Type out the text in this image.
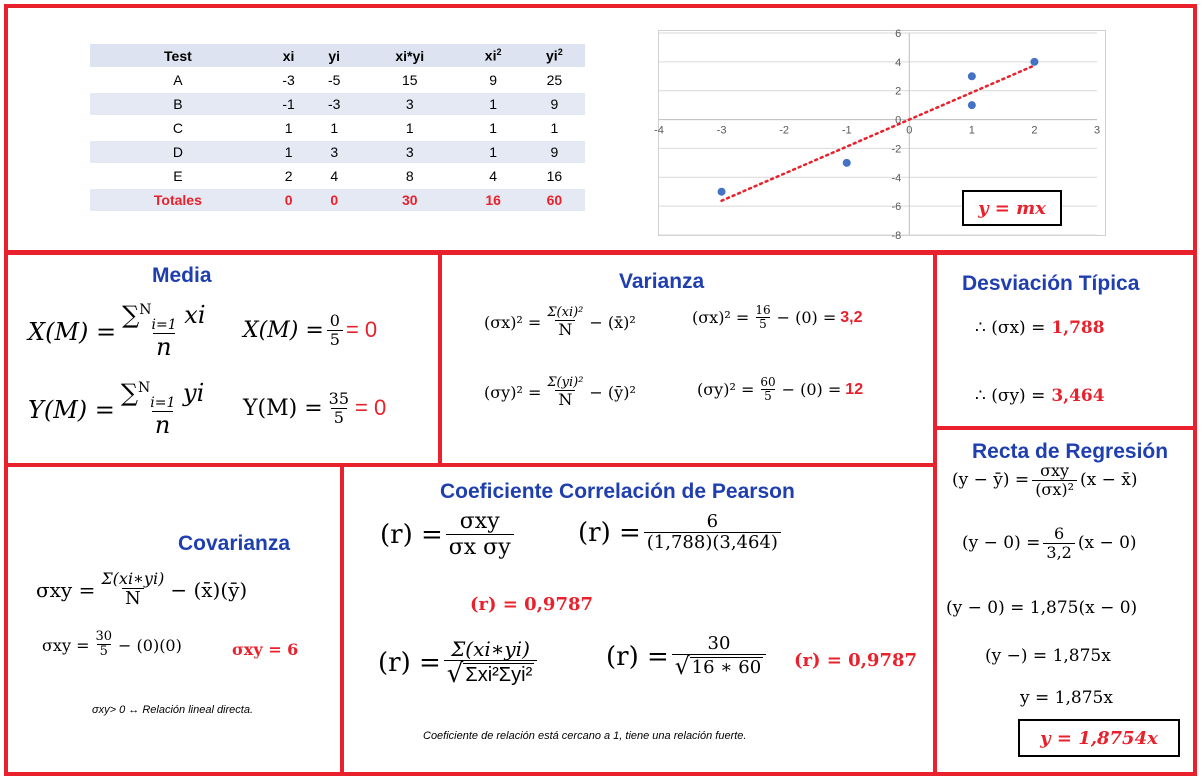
Test	xi	yi	xi*yi	$xi^2$	$yi^2$
A	-3	-5	15	9	25
B	-1	-3	3	1	9
C	1	1	1	1	1
D	1	3	3	1	9
E	2	4	8	4	16
Totales	0	0	30	16	60
-4	-3	-2	-1	0	1	2	3
-8
-6
-4
-2
0
2
4
6
y = mx
Media
$X(M) = \frac{\sum^N_{i=1} xi}{n} X(M) = \frac{0}{5} = 0$
$Y(M) = \frac{\sum^N_{i=1} yi}{n} Y(M) = \frac{35}{5} = 0$
Varianza
$(\sigma x)^2 = \frac{\text{Σ(xi)²}}{N}$ − (x̄)²	$(\sigma x)^2 = \frac{16}{5} - (0) = 3,2$
$(\sigma y)^2 = \frac{\text{Σ(yi)²}}{N}$ − (ȳ)²	$(\sigma y)^2 = \frac{60}{5} - (0) = 12$
Desviación Típica
∴ (σx) = 1,788
∴ (σy) = 3,464
Covarianza
$\sigma xy = \frac{\Sigma(xi∗yi)}{N}$ − (x̄)(ȳ)
$\sigma xy = \frac{30}{5} - (0)(0)$	σxy = 6
σxy> 0 ↔ Relación lineal directa.
Coeficiente Correlación de Pearson
$(r) = \frac{\text{σxy}}{\text{σx σy}} (r) = \frac{6}{(1,788)(3,464)}$
(r) = 0,9787
$(r) = \frac{\Sigma(xi∗yi)}{\text{√ Σxi²Σyi²}}$	$(r) = \frac{30}{√ 16 ∗ 60} (r) = 0,9787$
Coeficiente de relación está cercano a 1, tiene una relación fuerte.
Recta de Regresión
(y − ȳ) = $\frac{\text{σxy}}{\text{(σx)²}} (x$ − x̄)
$(y - 0) = \frac{6}{3,2} (x - 0)$
(y − 0) = 1,875(x − 0)
(y −) = 1,875x
y = 1,875x
y = 1,8754x
